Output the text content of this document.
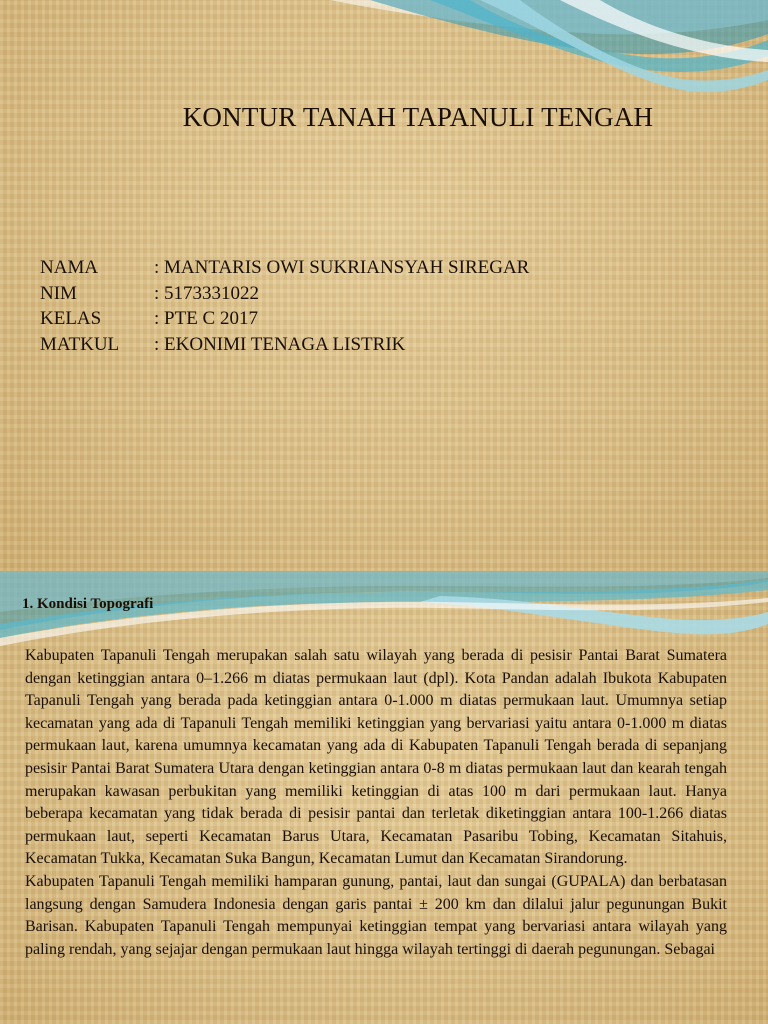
KONTUR TANAH TAPANULI TENGAH
NAMA	: MANTARIS OWI SUKRIANSYAH SIREGAR
NIM	: 5173331022
KELAS	: PTE C 2017
MATKUL	: EKONIMI TENAGA LISTRIK
1. Kondisi Topografi

Kabupaten Tapanuli Tengah merupakan salah satu wilayah yang berada di pesisir Pantai Barat Sumatera dengan ketinggian antara 0–1.266 m diatas permukaan laut (dpl). Kota Pandan adalah Ibukota Kabupaten Tapanuli Tengah yang berada pada ketinggian antara 0-1.000 m diatas permukaan laut. Umumnya setiap kecamatan yang ada di Tapanuli Tengah memiliki ketinggian yang bervariasi yaitu antara 0-1.000 m diatas permukaan laut, karena umumnya kecamatan yang ada di Kabupaten Tapanuli Tengah berada di sepanjang pesisir Pantai Barat Sumatera Utara dengan ketinggian antara 0-8 m diatas permukaan laut dan kearah tengah merupakan kawasan perbukitan yang memiliki ketinggian di atas 100 m dari permukaan laut. Hanya beberapa kecamatan yang tidak berada di pesisir pantai dan terletak diketinggian antara 100-1.266 diatas permukaan laut, seperti Kecamatan Barus Utara, Kecamatan Pasaribu Tobing, Kecamatan Sitahuis, Kecamatan Tukka, Kecamatan Suka Bangun, Kecamatan Lumut dan Kecamatan Sirandorung.

Kabupaten Tapanuli Tengah memiliki hamparan gunung, pantai, laut dan sungai (GUPALA) dan berbatasan langsung dengan Samudera Indonesia dengan garis pantai ± 200 km dan dilalui jalur pegunungan Bukit Barisan. Kabupaten Tapanuli Tengah mempunyai ketinggian tempat yang bervariasi antara wilayah yang paling rendah, yang sejajar dengan permukaan laut hingga wilayah tertinggi di daerah pegunungan. Sebagai
